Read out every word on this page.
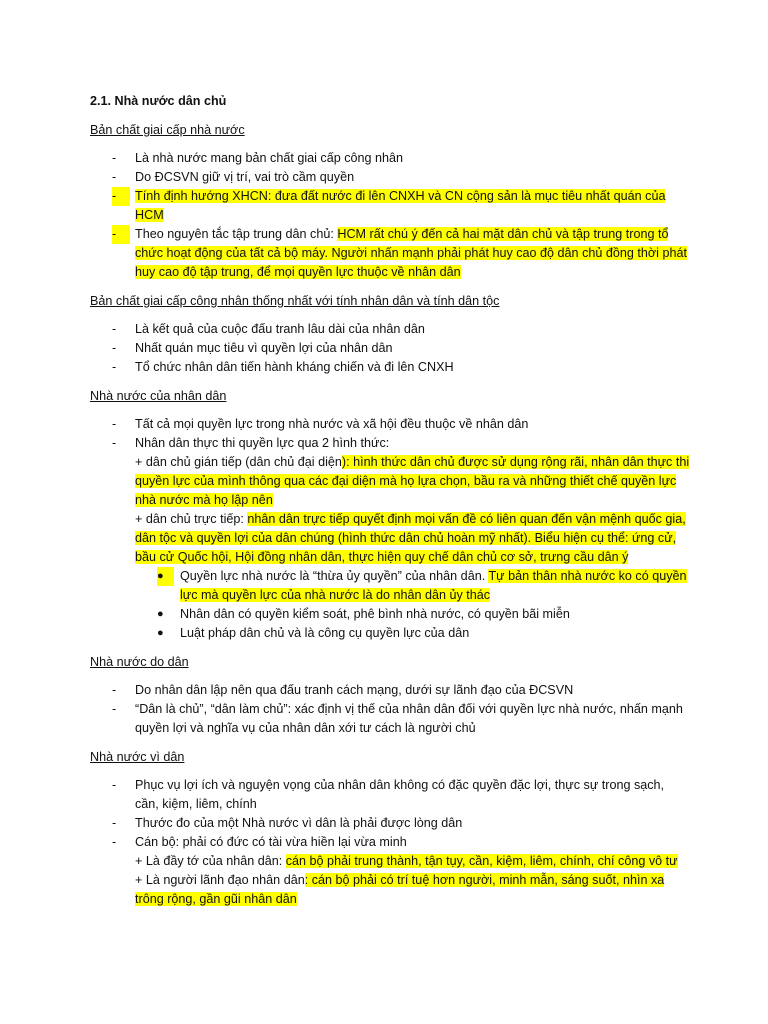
2.1. Nhà nước dân chủ

Bản chất giai cấp nhà nước

- Là nhà nước mang bản chất giai cấp công nhân
- Do ĐCSVN giữ vị trí, vai trò cầm quyền
-	Tính định hướng XHCN: đưa đất nước đi lên CNXH và CN cộng sản là mục tiêu nhất quán của HCM
-	Theo nguyên tắc tập trung dân chủ: HCM rất chú ý đến cả hai mặt dân chủ và tập trung trong tổ chức hoạt động của tất cả bộ máy. Người nhấn mạnh phải phát huy cao độ dân chủ đồng thời phát huy cao độ tập trung, để mọi quyền lực thuộc về nhân dân

Bản chất giai cấp công nhân thống nhất với tính nhân dân và tính dân tộc

- Là kết quả của cuộc đấu tranh lâu dài của nhân dân
- Nhất quán mục tiêu vì quyền lợi của nhân dân
- Tổ chức nhân dân tiến hành kháng chiến và đi lên CNXH

Nhà nước của nhân dân

- Tất cả mọi quyền lực trong nhà nước và xã hội đều thuộc về nhân dân
- Nhân dân thực thi quyền lực qua 2 hình thức:
+ dân chủ gián tiếp (dân chủ đại diện): hình thức dân chủ được sử dụng rộng rãi, nhân dân thực thi quyền lực của mình thông qua các đại diện mà họ lựa chọn, bầu ra và những thiết chế quyền lực nhà nước mà họ lập nên
+ dân chủ trực tiếp: nhân dân trực tiếp quyết định mọi vấn đề có liên quan đến vận mệnh quốc gia, dân tộc và quyền lợi của dân chúng (hình thức dân chủ hoàn mỹ nhất). Biểu hiện cụ thể: ứng cử, bầu cử Quốc hội, Hội đồng nhân dân, thực hiện quy chế dân chủ cơ sở, trưng cầu dân ý
●	Quyền lực nhà nước là “thừa ủy quyền” của nhân dân. Tự bản thân nhà nước ko có quyền lực mà quyền lực của nhà nước là do nhân dân ủy thác
● Nhân dân có quyền kiểm soát, phê bình nhà nước, có quyền bãi miễn
● Luật pháp dân chủ và là công cụ quyền lực của dân

Nhà nước do dân

- Do nhân dân lập nên qua đấu tranh cách mạng, dưới sự lãnh đạo của ĐCSVN
- “Dân là chủ”, “dân làm chủ”: xác định vị thế của nhân dân đối với quyền lực nhà nước, nhấn mạnh quyền lợi và nghĩa vụ của nhân dân xới tư cách là người chủ

Nhà nước vì dân

- Phục vụ lợi ích và nguyện vọng của nhân dân không có đặc quyền đặc lợi, thực sự trong sạch, cần, kiệm, liêm, chính
- Thước đo của một Nhà nước vì dân là phải được lòng dân
- Cán bộ: phải có đức có tài vừa hiền lại vừa minh
+ Là đầy tớ của nhân dân: cán bộ phải trung thành, tận tụy, cần, kiệm, liêm, chính, chí công vô tư
+ Là người lãnh đạo nhân dân: cán bộ phải có trí tuệ hơn người, minh mẫn, sáng suốt, nhìn xa trông rộng, gần gũi nhân dân
